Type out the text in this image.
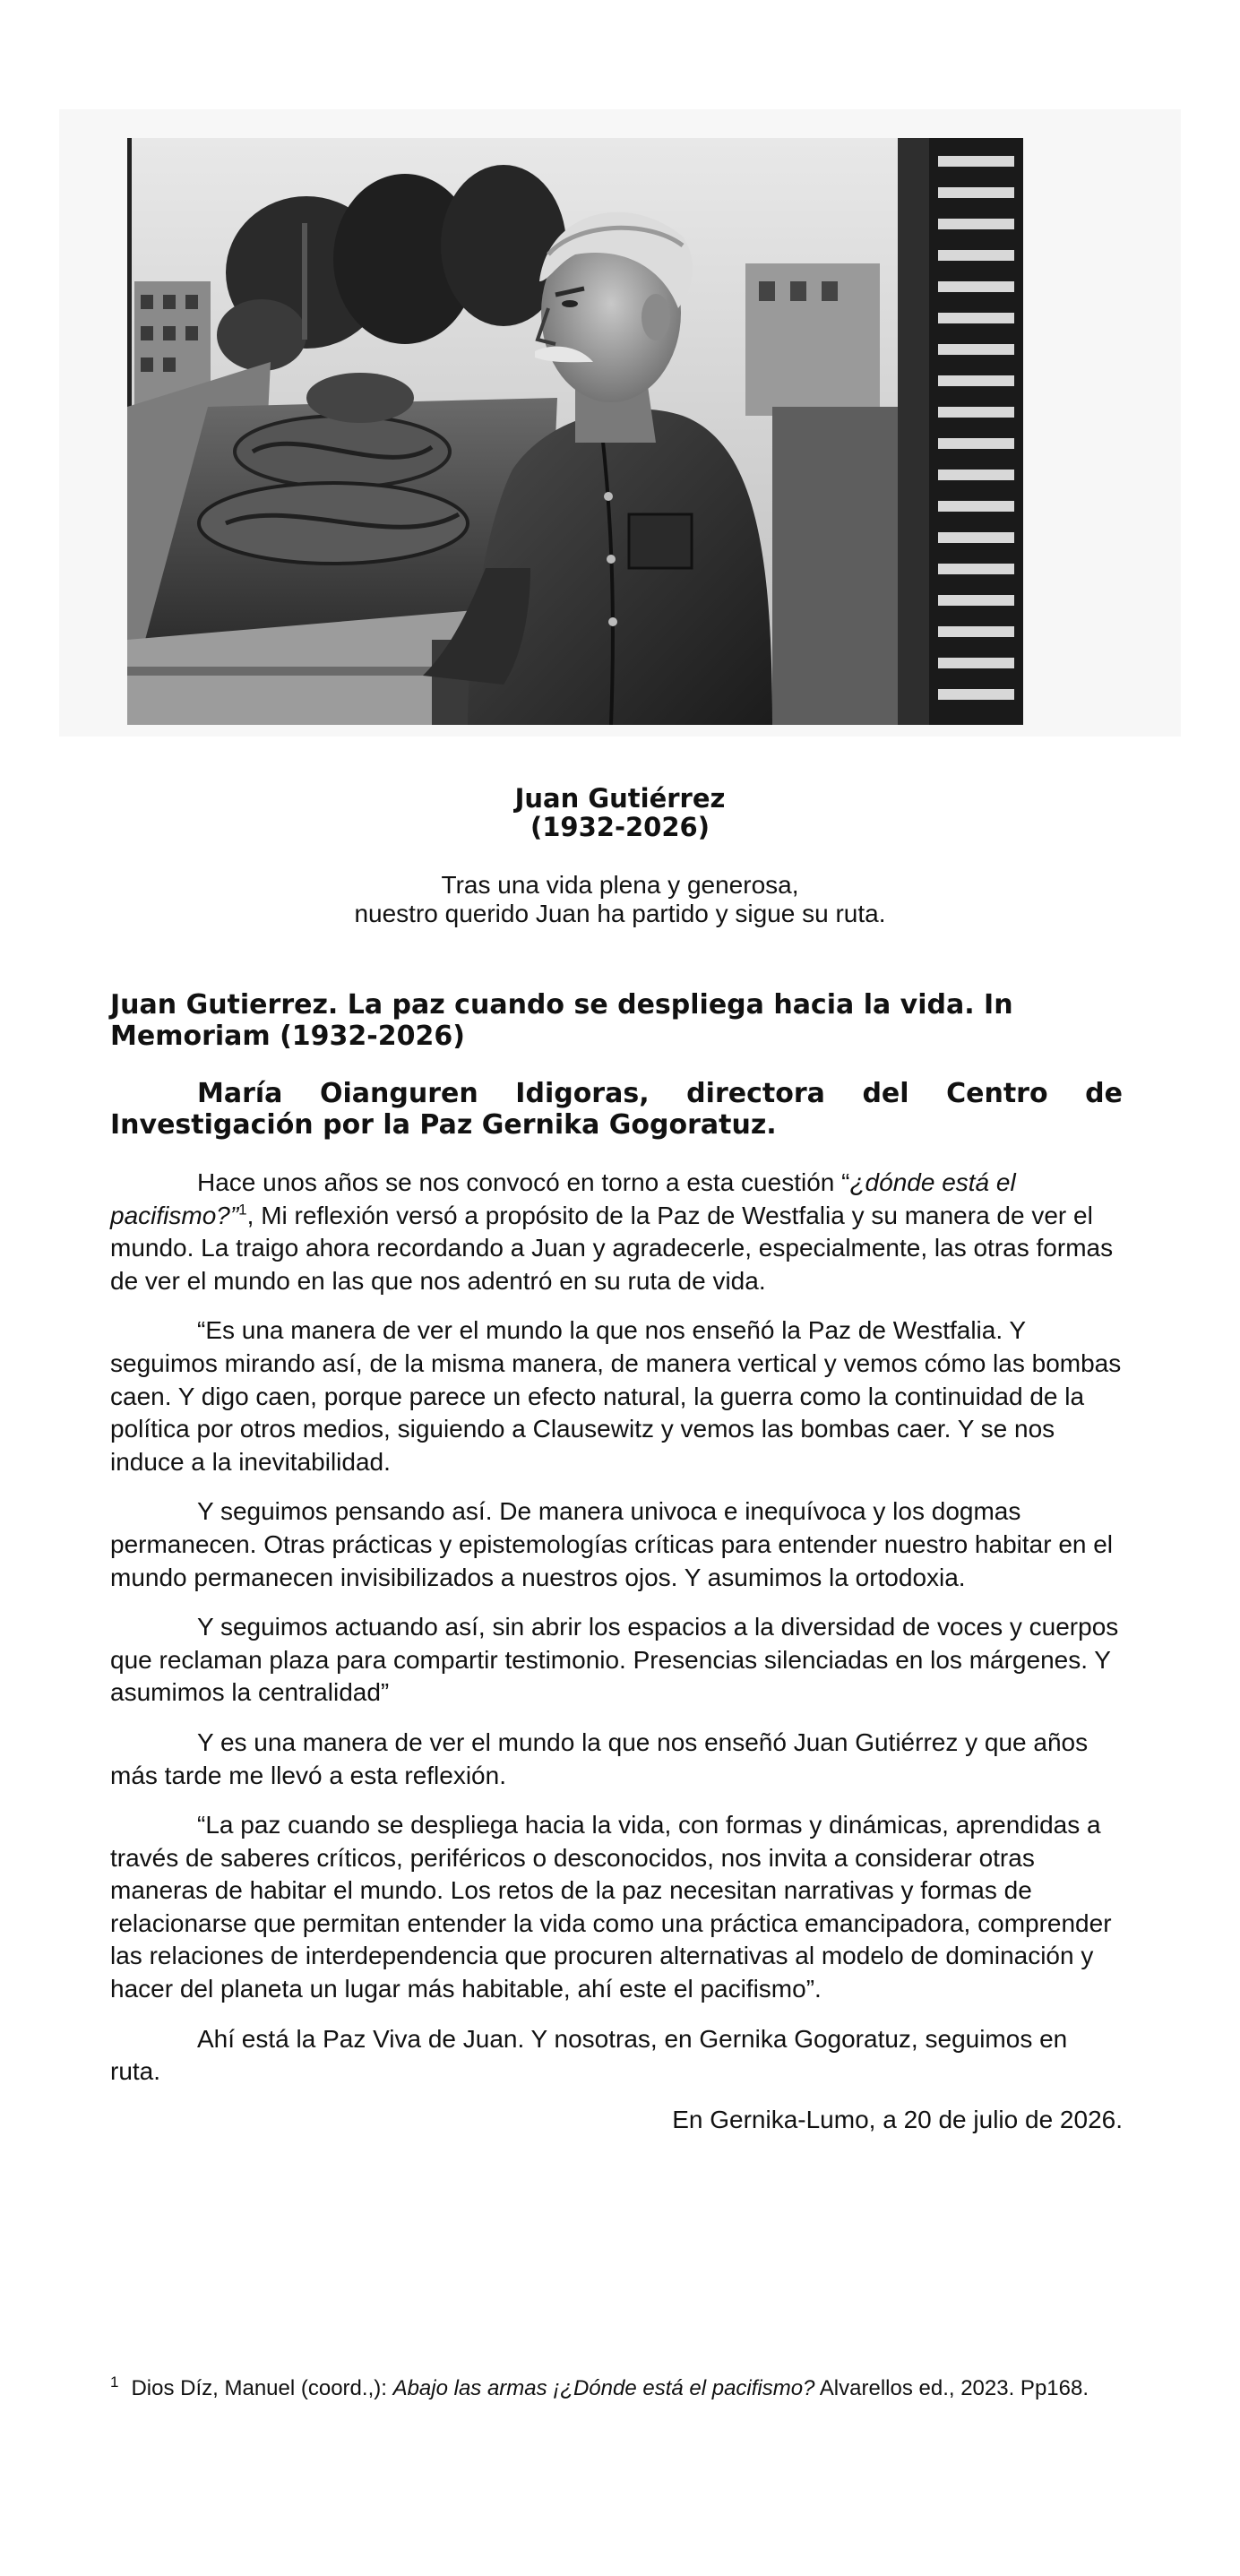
Juan Gutiérrez
(1932-2026)
Tras una vida plena y generosa,
nuestro querido Juan ha partido y sigue su ruta.
Juan Gutierrez. La paz cuando se despliega hacia la vida. In Memoriam (1932-2026)

María Oianguren Idigoras, directora del Centro de Investigación por la Paz Gernika Gogoratuz.

Hace unos años se nos convocó en torno a esta cuestión “¿dónde está el pacifismo?”$^1$, Mi reflexión versó a propósito de la Paz de Westfalia y su manera de ver el mundo. La traigo ahora recordando a Juan y agradecerle, especialmente, las otras formas de ver el mundo en las que nos adentró en su ruta de vida.

“Es una manera de ver el mundo la que nos enseñó la Paz de Westfalia. Y seguimos mirando así, de la misma manera, de manera vertical y vemos cómo las bombas caen. Y digo caen, porque parece un efecto natural, la guerra como la continuidad de la política por otros medios, siguiendo a Clausewitz y vemos las bombas caer. Y se nos induce a la inevitabilidad.

Y seguimos pensando así. De manera univoca e inequívoca y los dogmas permanecen. Otras prácticas y epistemologías críticas para entender nuestro habitar en el mundo permanecen invisibilizados a nuestros ojos. Y asumimos la ortodoxia.

Y seguimos actuando así, sin abrir los espacios a la diversidad de voces y cuerpos que reclaman plaza para compartir testimonio. Presencias silenciadas en los márgenes. Y asumimos la centralidad”

Y es una manera de ver el mundo la que nos enseñó Juan Gutiérrez y que años más tarde me llevó a esta reflexión.

“La paz cuando se despliega hacia la vida, con formas y dinámicas, aprendidas a través de saberes críticos, periféricos o desconocidos, nos invita a considerar otras maneras de habitar el mundo. Los retos de la paz necesitan narrativas y formas de relacionarse que permitan entender la vida como una práctica emancipadora, comprender las relaciones de interdependencia que procuren alternativas al modelo de dominación y hacer del planeta un lugar más habitable, ahí este el pacifismo”.

Ahí está la Paz Viva de Juan. Y nosotras, en Gernika Gogoratuz, seguimos en ruta.

En Gernika-Lumo, a 20 de julio de 2026.

$^1$ Dios Díz, Manuel (coord.,): Abajo las armas ¡¿Dónde está el pacifismo? Alvarellos ed., 2023. Pp168.
